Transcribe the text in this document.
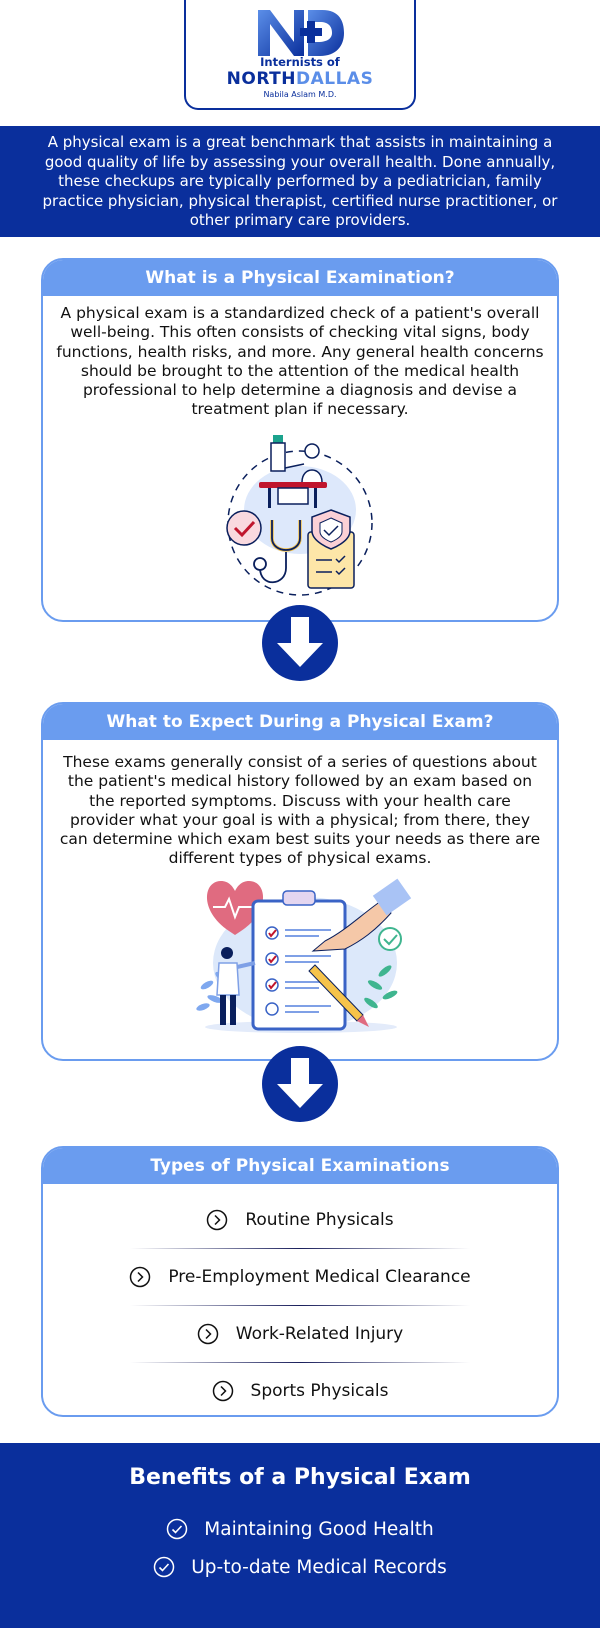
Internists of
NORTHDALLAS
Nabila Aslam M.D.
A physical exam is a great benchmark that assists in maintaining a good quality of life by assessing your overall health. Done annually, these checkups are typically performed by a pediatrician, family practice physician, physical therapist, certified nurse practitioner, or other primary care providers.
What is a Physical Examination?
A physical exam is a standardized check of a patient's overall well-being. This often consists of checking vital signs, body functions, health risks, and more. Any general health concerns should be brought to the attention of the medical health professional to help determine a diagnosis and devise a treatment plan if necessary.
What to Expect During a Physical Exam?
These exams generally consist of a series of questions about the patient's medical history followed by an exam based on the reported symptoms. Discuss with your health care provider what your goal is with a physical; from there, they can determine which exam best suits your needs as there are different types of physical exams.
Types of Physical Examinations
Routine Physicals
Pre-Employment Medical Clearance
Work-Related Injury
Sports Physicals
Benefits of a Physical Exam
Maintaining Good Health
Up-to-date Medical Records
